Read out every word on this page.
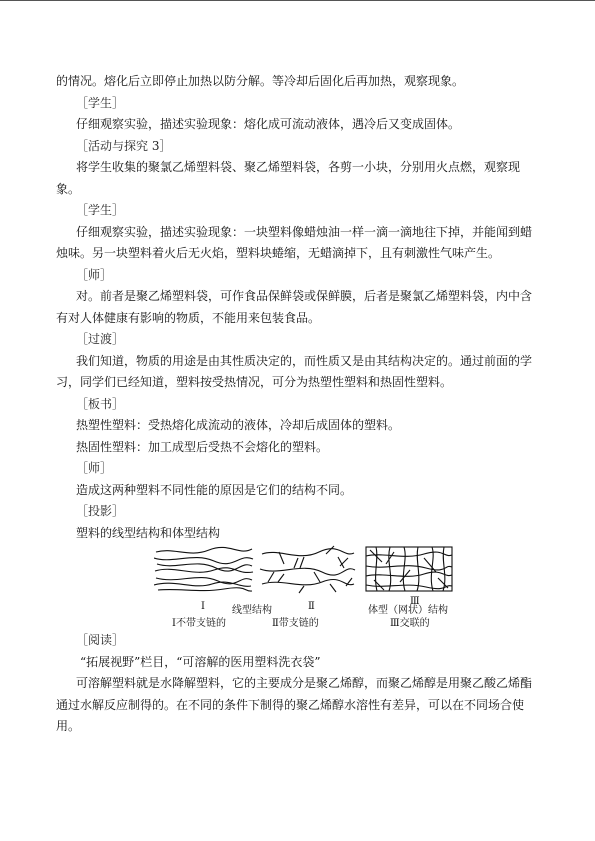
的情况。熔化后立即停止加热以防分解。等冷却后固化后再加热，观察现象。
［学生］
仔细观察实验，描述实验现象：熔化成可流动液体，遇冷后又变成固体。
［活动与探究 3］
将学生收集的聚氯乙烯塑料袋、聚乙烯塑料袋，各剪一小块，分别用火点燃，观察现
象。
［学生］
仔细观察实验，描述实验现象：一块塑料像蜡烛油一样一滴一滴地往下掉，并能闻到蜡
烛味。另一块塑料着火后无火焰，塑料块蜷缩，无蜡滴掉下，且有刺激性气味产生。
［师］
对。前者是聚乙烯塑料袋，可作食品保鲜袋或保鲜膜，后者是聚氯乙烯塑料袋，内中含
有对人体健康有影响的物质，不能用来包装食品。
［过渡］
我们知道，物质的用途是由其性质决定的，而性质又是由其结构决定的。通过前面的学
习，同学们已经知道，塑料按受热情况，可分为热塑性塑料和热固性塑料。
［板书］
热塑性塑料：受热熔化成流动的液体，冷却后成固体的塑料。
热固性塑料：加工成型后受热不会熔化的塑料。
［师］
造成这两种塑料不同性能的原因是它们的结构不同。
［投影］
塑料的线型结构和体型结构
Ⅰ	Ⅱ	Ⅲ
线型结构	体型（网状）结构
Ⅰ不带支链的	Ⅱ带支链的	Ⅲ交联的
［阅读］
“拓展视野”栏目，“可溶解的医用塑料洗衣袋”
可溶解塑料就是水降解塑料，它的主要成分是聚乙烯醇，而聚乙烯醇是用聚乙酸乙烯酯
通过水解反应制得的。在不同的条件下制得的聚乙烯醇水溶性有差异，可以在不同场合使
用。
